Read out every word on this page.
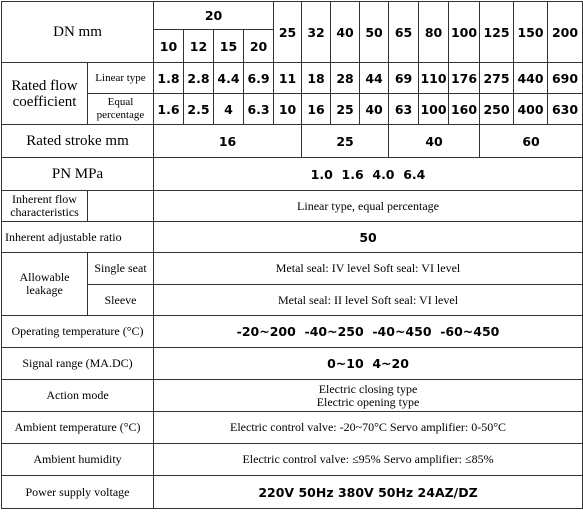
DN mm		20				25	32	40	50	65	80	100	125	150	200
		10	12	15	20										
Rated flow coefficient	Linear type	1.8	2.8	4.4	6.9	11	18	28	44	69	110	176	275	440	690
	Equal percentage	1.6	2.5	4	6.3	10	16	25	40	63	100	160	250	400	630
Rated stroke mm		16					25			40			60		
PN MPa		1.0  1.6  4.0  6.4													
Inherent flow characteristics		Linear type, equal percentage													
Inherent adjustable ratio		50													
Allowable leakage	Single seat	Metal seal: IV level Soft seal: VI level													
	Sleeve	Metal seal: II level Soft seal: VI level													
Operating temperature (°C)		-20~200  -40~250  -40~450  -60~450													
Signal range (MA.DC)		0~10  4~20													
Action mode		Electric closing type
Electric opening type													

Ambient temperature (°C)		Electric control valve: -20~70°C Servo amplifier: 0-50°C													
Ambient humidity		Electric control valve: ≤95% Servo amplifier: ≤85%													
Power supply voltage		220V 50Hz 380V 50Hz 24AZ/DZ													
